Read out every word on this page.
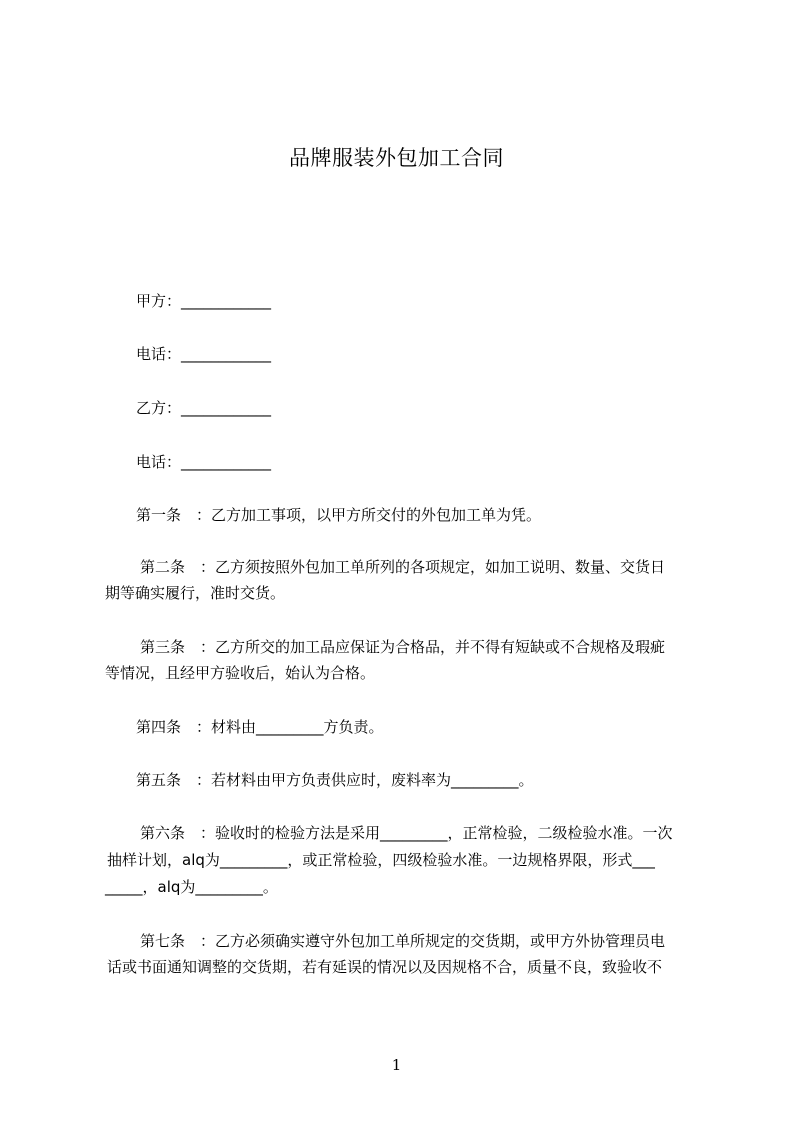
品牌服装外包加工合同
甲方：____________
电话：____________
乙方：____________
电话：____________
第一条　：乙方加工事项，以甲方所交付的外包加工单为凭。
第二条　：乙方须按照外包加工单所列的各项规定，如加工说明、数量、交货日
期等确实履行，准时交货。
第三条　：乙方所交的加工品应保证为合格品，并不得有短缺或不合规格及瑕疵
等情况，且经甲方验收后，始认为合格。
第四条　：材料由_________方负责。
第五条　：若材料由甲方负责供应时，废料率为_________。
第六条　：验收时的检验方法是采用_________，正常检验，二级检验水准。一次
抽样计划，alq为_________，或正常检验，四级检验水准。一边规格界限，形式___
_____，alq为_________。
第七条　：乙方必须确实遵守外包加工单所规定的交货期，或甲方外协管理员电
话或书面通知调整的交货期，若有延误的情况以及因规格不合，质量不良，致验收不
1
